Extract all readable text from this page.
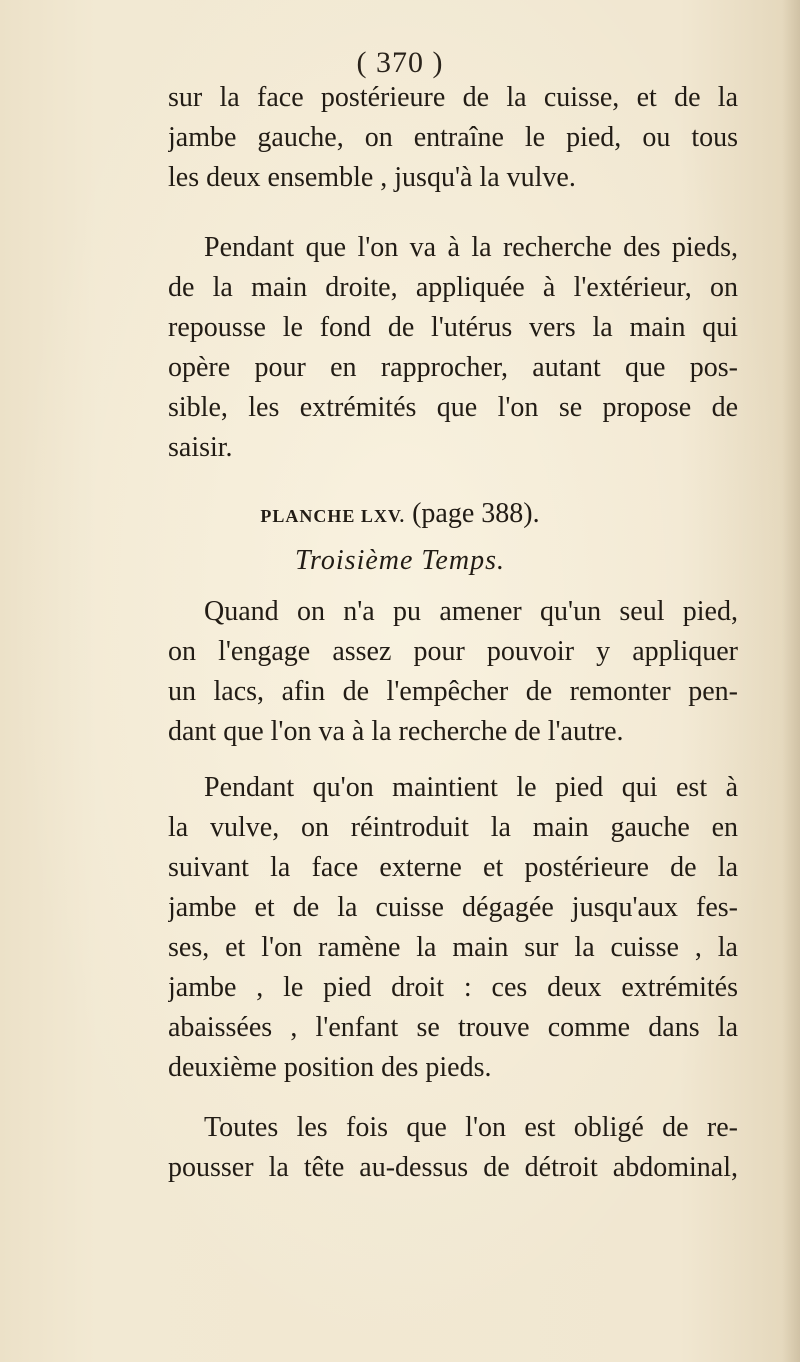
( 370 )
sur la face postérieure de la cuisse, et de la
jambe gauche, on entraîne le pied, ou tous
les deux ensemble , jusqu'à la vulve.
Pendant que l'on va à la recherche des pieds,
de la main droite, appliquée à l'extérieur, on
repousse le fond de l'utérus vers la main qui
opère pour en rapprocher, autant que pos-
sible, les extrémités que l'on se propose de
saisir.
PLANCHE LXV. (page 388).
Troisième Temps.
Quand on n'a pu amener qu'un seul pied,
on l'engage assez pour pouvoir y appliquer
un lacs, afin de l'empêcher de remonter pen-
dant que l'on va à la recherche de l'autre.
Pendant qu'on maintient le pied qui est à
la vulve, on réintroduit la main gauche en
suivant la face externe et postérieure de la
jambe et de la cuisse dégagée jusqu'aux fes-
ses, et l'on ramène la main sur la cuisse , la
jambe , le pied droit : ces deux extrémités
abaissées , l'enfant se trouve comme dans la
deuxième position des pieds.
Toutes les fois que l'on est obligé de re-
pousser la tête au-dessus de détroit abdominal,
